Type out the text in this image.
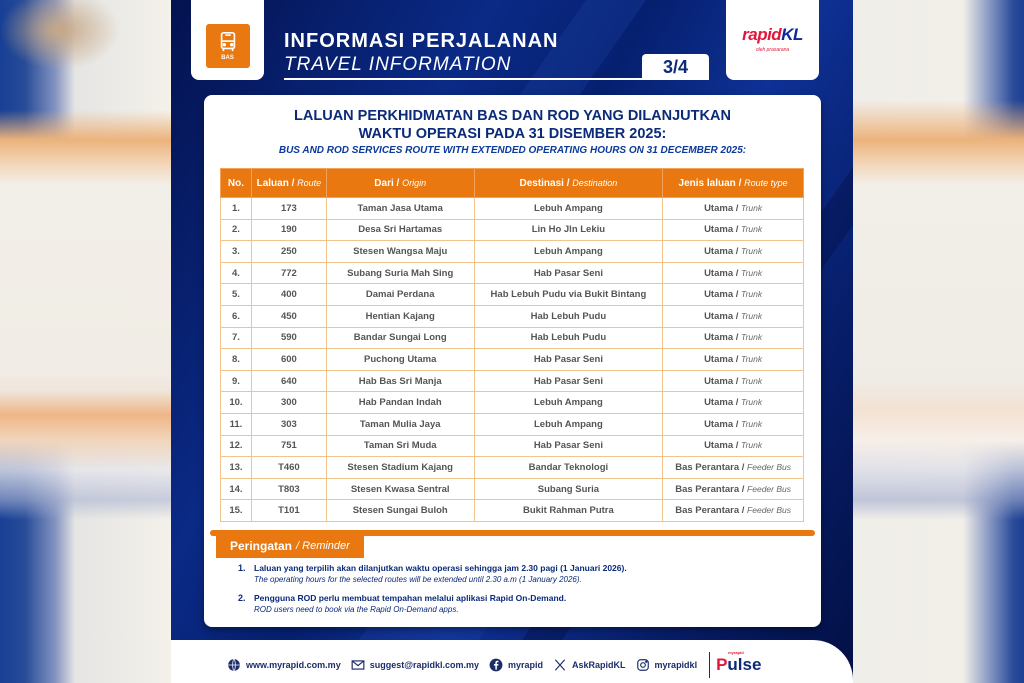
BAS
INFORMASI PERJALANAN
TRAVEL INFORMATION	3/4
rapidKL
oleh prasarana
LALUAN PERKHIDMATAN BAS DAN ROD YANG DILANJUTKAN
WAKTU OPERASI PADA 31 DISEMBER 2025:
BUS AND ROD SERVICES ROUTE WITH EXTENDED OPERATING HOURS ON 31 DECEMBER 2025:
No.	Laluan / Route	Dari / Origin	Destinasi / Destination	Jenis laluan / Route type
1.	173	Taman Jasa Utama	Lebuh Ampang	Utama / Trunk
2.	190	Desa Sri Hartamas	Lin Ho Jln Lekiu	Utama / Trunk
3.	250	Stesen Wangsa Maju	Lebuh Ampang	Utama / Trunk
4.	772	Subang Suria Mah Sing	Hab Pasar Seni	Utama / Trunk
5.	400	Damai Perdana	Hab Lebuh Pudu via Bukit Bintang	Utama / Trunk
6.	450	Hentian Kajang	Hab Lebuh Pudu	Utama / Trunk
7.	590	Bandar Sungai Long	Hab Lebuh Pudu	Utama / Trunk
8.	600	Puchong Utama	Hab Pasar Seni	Utama / Trunk
9.	640	Hab Bas Sri Manja	Hab Pasar Seni	Utama / Trunk
10.	300	Hab Pandan Indah	Lebuh Ampang	Utama / Trunk
11.	303	Taman Mulia Jaya	Lebuh Ampang	Utama / Trunk
12.	751	Taman Sri Muda	Hab Pasar Seni	Utama / Trunk
13.	T460	Stesen Stadium Kajang	Bandar Teknologi	Bas Perantara / Feeder Bus
14.	T803	Stesen Kwasa Sentral	Subang Suria	Bas Perantara / Feeder Bus
15.	T101	Stesen Sungai Buloh	Bukit Rahman Putra	Bas Perantara / Feeder Bus
Peringatan / Reminder
1. Laluan yang terpilih akan dilanjutkan waktu operasi sehingga jam 2.30 pagi (1 Januari 2026).
The operating hours for the selected routes will be extended until 2.30 a.m (1 January 2026).
2. Pengguna ROD perlu membuat tempahan melalui aplikasi Rapid On-Demand.
ROD users need to book via the Rapid On-Demand apps.
www.myrapid.com.my	suggest@rapidkl.com.my	myrapid	AskRapidKL	myrapidkl
myrapid
Pulse
